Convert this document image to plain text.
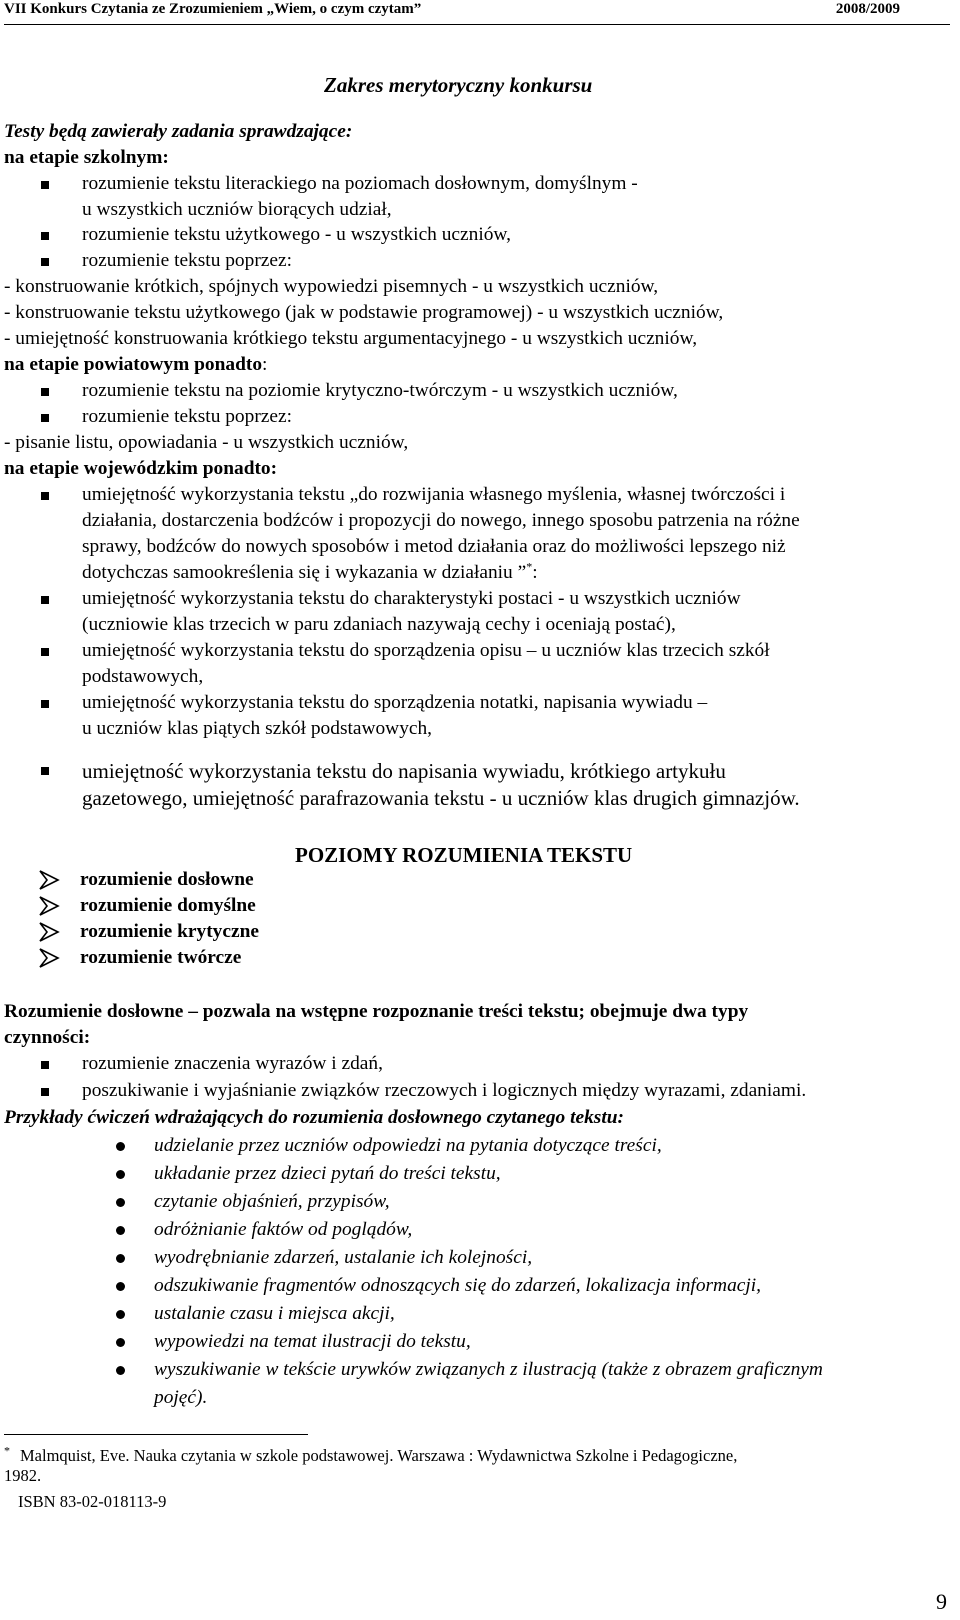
VII Konkurs Czytania ze Zrozumieniem „Wiem, o czym czytam”	2008/2009
Zakres merytoryczny konkursu
Testy będą zawierały zadania sprawdzające:
na etapie szkolnym:
rozumienie tekstu literackiego na poziomach dosłownym, domyślnym -
u wszystkich uczniów biorących udział,
rozumienie tekstu użytkowego - u wszystkich uczniów,
rozumienie tekstu poprzez:
- konstruowanie krótkich, spójnych wypowiedzi pisemnych - u wszystkich uczniów,
- konstruowanie tekstu użytkowego (jak w podstawie programowej) - u wszystkich uczniów,
- umiejętność konstruowania krótkiego tekstu argumentacyjnego - u wszystkich uczniów,
na etapie powiatowym ponadto:
rozumienie tekstu na poziomie krytyczno-twórczym - u wszystkich uczniów,
rozumienie tekstu poprzez:
- pisanie listu, opowiadania - u wszystkich uczniów,
na etapie wojewódzkim ponadto:
umiejętność wykorzystania tekstu „do rozwijania własnego myślenia, własnej twórczości i
działania, dostarczenia bodźców i propozycji do nowego, innego sposobu patrzenia na różne
sprawy, bodźców do nowych sposobów i metod działania oraz do możliwości lepszego niż
dotychczas samookreślenia się i wykazania w działaniu ”*:
umiejętność wykorzystania tekstu do charakterystyki postaci - u wszystkich uczniów
(uczniowie klas trzecich w paru zdaniach nazywają cechy i oceniają postać),
umiejętność wykorzystania tekstu do sporządzenia opisu – u uczniów klas trzecich szkół
podstawowych,
umiejętność wykorzystania tekstu do sporządzenia notatki, napisania wywiadu –
u uczniów klas piątych szkół podstawowych,
umiejętność wykorzystania tekstu do napisania wywiadu, krótkiego artykułu
gazetowego, umiejętność parafrazowania tekstu - u uczniów klas drugich gimnazjów.
POZIOMY ROZUMIENIA TEKSTU
rozumienie dosłowne
rozumienie domyślne
rozumienie krytyczne
rozumienie twórcze
Rozumienie dosłowne – pozwala na wstępne rozpoznanie treści tekstu; obejmuje dwa typy
czynności:
rozumienie znaczenia wyrazów i zdań,
poszukiwanie i wyjaśnianie związków rzeczowych i logicznych między wyrazami, zdaniami.
Przykłady ćwiczeń wdrażających do rozumienia dosłownego czytanego tekstu:
udzielanie przez uczniów odpowiedzi na pytania dotyczące treści,
układanie przez dzieci pytań do treści tekstu,
czytanie objaśnień, przypisów,
odróżnianie faktów od poglądów,
wyodrębnianie zdarzeń, ustalanie ich kolejności,
odszukiwanie fragmentów odnoszących się do zdarzeń, lokalizacja informacji,
ustalanie czasu i miejsca akcji,
wypowiedzi na temat ilustracji do tekstu,
wyszukiwanie w tekście urywków związanych z ilustracją (także z obrazem graficznym
pojęć).
* Malmquist, Eve. Nauka czytania w szkole podstawowej. Warszawa : Wydawnictwa Szkolne i Pedagogiczne,
1982.
ISBN 83-02-018113-9
9
